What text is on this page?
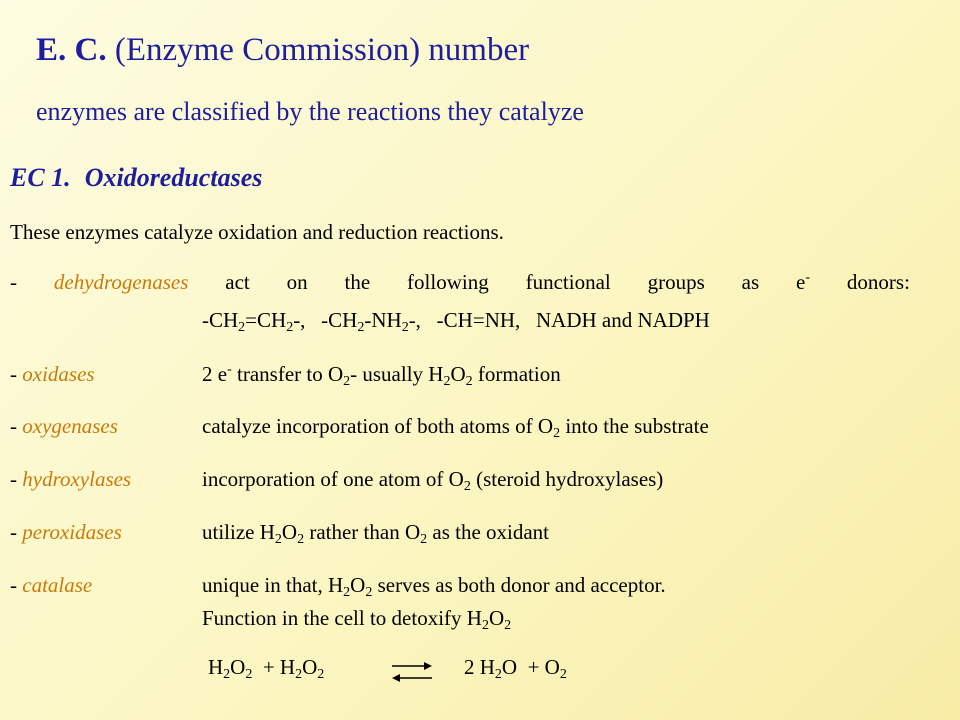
E. C. (Enzyme Commission) number
enzymes are classified by the reactions they catalyze
EC 1. Oxidoreductases
These enzymes catalyze oxidation and reduction reactions.
- dehydrogenases act on the following functional groups as e- donors:
$-CH_2=CH_2-$,   $-CH_2-NH_2-$,   -CH=NH,   NADH and NADPH
- oxidases	2 e- transfer to $O_2-$ usually $H_2O_2$ formation
- oxygenases	catalyze incorporation of both atoms of $O_2$ into the substrate
- hydroxylases	incorporation of one atom of $O_2$ (steroid hydroxylases)
- peroxidases	utilize $H_2O_2$ rather than $O_2$ as the oxidant
- catalase	unique in that, $H_2O_2$ serves as both donor and acceptor.
Function in the cell to detoxify $H_2O_2$
$H_2O_2 + H_2O_2$	2 $H_2O + O_2$
